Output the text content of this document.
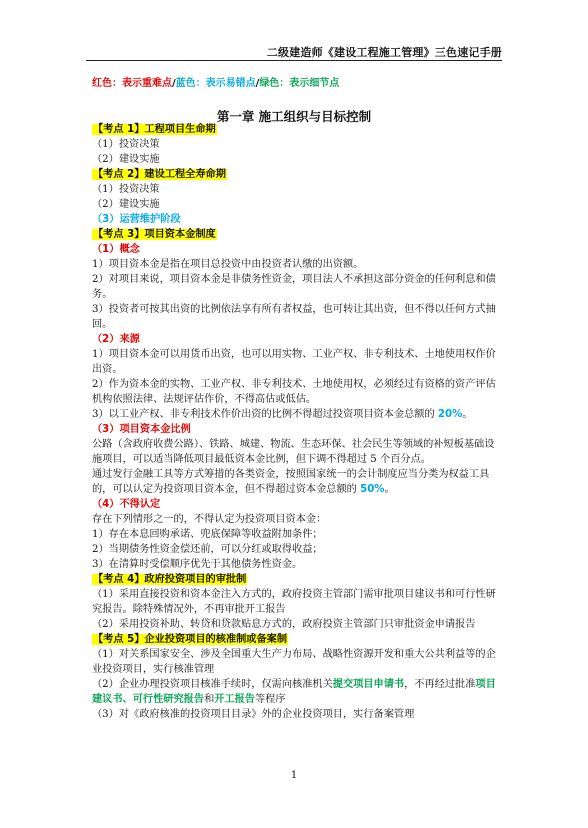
二级建造师《建设工程施工管理》三色速记手册
红色：表示重难点/蓝色：表示易错点/绿色：表示细节点
第一章 施工组织与目标控制
【考点 1】工程项目生命期
（1）投资决策
（2）建设实施
【考点 2】建设工程全寿命期
（1）投资决策
（2）建设实施
（3）运营维护阶段
【考点 3】项目资本金制度
（1）概念
1）项目资本金是指在项目总投资中由投资者认缴的出资额。
2）对项目来说，项目资本金是非债务性资金，项目法人不承担这部分资金的任何利息和债务。
3）投资者可按其出资的比例依法享有所有者权益，也可转让其出资，但不得以任何方式抽回。
（2）来源
1）项目资本金可以用货币出资，也可以用实物、工业产权、非专利技术、土地使用权作价出资。
2）作为资本金的实物、工业产权、非专利技术、土地使用权，必须经过有资格的资产评估机构依照法律、法规评估作价，不得高估或低估。
3）以工业产权、非专利技术作价出资的比例不得超过投资项目资本金总额的 20%。
（3）项目资本金比例
公路（含政府收费公路）、铁路、城建、物流、生态环保、社会民生等领域的补短板基础设施项目，可以适当降低项目最低资本金比例，但下调不得超过 5 个百分点。
通过发行金融工具等方式筹措的各类资金，按照国家统一的会计制度应当分类为权益工具的，可以认定为投资项目资本金，但不得超过资本金总额的 50%。
（4）不得认定
存在下列情形之一的，不得认定为投资项目资本金：
1）存在本息回购承诺、兜底保障等收益附加条件；
2）当期债务性资金偿还前，可以分红或取得收益；
3）在清算时受偿顺序优先于其他债务性资金。
【考点 4】政府投资项目的审批制
（1）采用直接投资和资本金注入方式的，政府投资主管部门需审批项目建议书和可行性研究报告。除特殊情况外，不再审批开工报告
（2）采用投资补助、转贷和贷款贴息方式的，政府投资主管部门只审批资金申请报告
【考点 5】企业投资项目的核准制或备案制
（1）对关系国家安全、涉及全国重大生产力布局、战略性资源开发和重大公共利益等的企业投资项目，实行核准管理
（2）企业办理投资项目核准手续时，仅需向核准机关提交项目申请书，不再经过批准项目建议书、可行性研究报告和开工报告等程序
（3）对《政府核准的投资项目目录》外的企业投资项目，实行备案管理
1
